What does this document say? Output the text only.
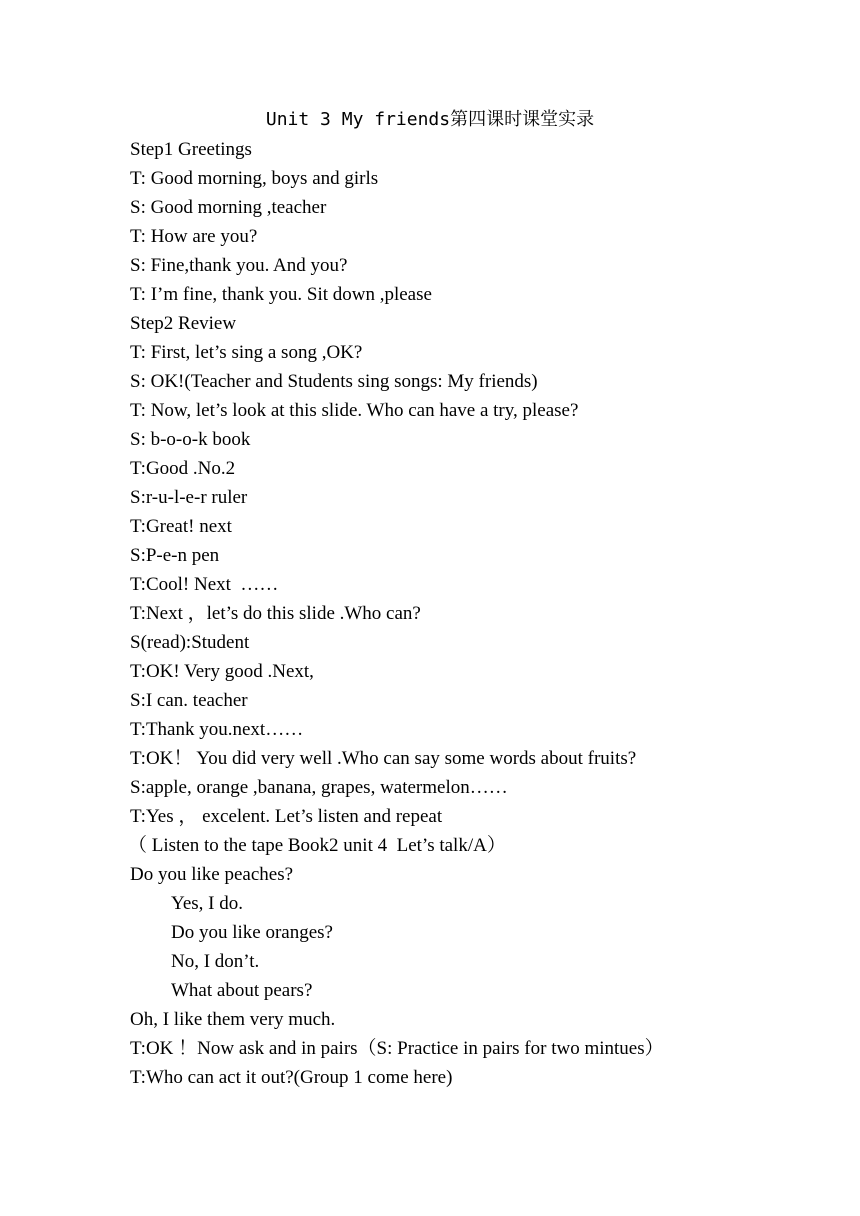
Unit 3 My friends第四课时课堂实录
Step1 Greetings
T: Good morning, boys and girls
S: Good morning ,teacher
T: How are you?
S: Fine,thank you. And you?
T: I’m fine, thank you. Sit down ,please
Step2 Review
T: First, let’s sing a song ,OK?
S: OK!(Teacher and Students sing songs: My friends)
T: Now, let’s look at this slide. Who can have a try, please?
S: b-o-o-k book
T:Good .No.2
S:r-u-l-e-r ruler
T:Great! next
S:P-e-n pen
T:Cool! Next  ……
T:Next ，let’s do this slide .Who can?
S(read):Student
T:OK! Very good .Next,
S:I can. teacher
T:Thank you.next……
T:OK！ You did very well .Who can say some words about fruits?
S:apple, orange ,banana, grapes, watermelon……
T:Yes ， excelent. Let’s listen and repeat
（ Listen to the tape Book2 unit 4  Let’s talk/A）
Do you like peaches?
Yes, I do.
Do you like oranges?
No, I don’t.
What about pears?
Oh, I like them very much.
T:OK ！Now ask and in pairs（S: Practice in pairs for two mintues）
T:Who can act it out?(Group 1 come here)
